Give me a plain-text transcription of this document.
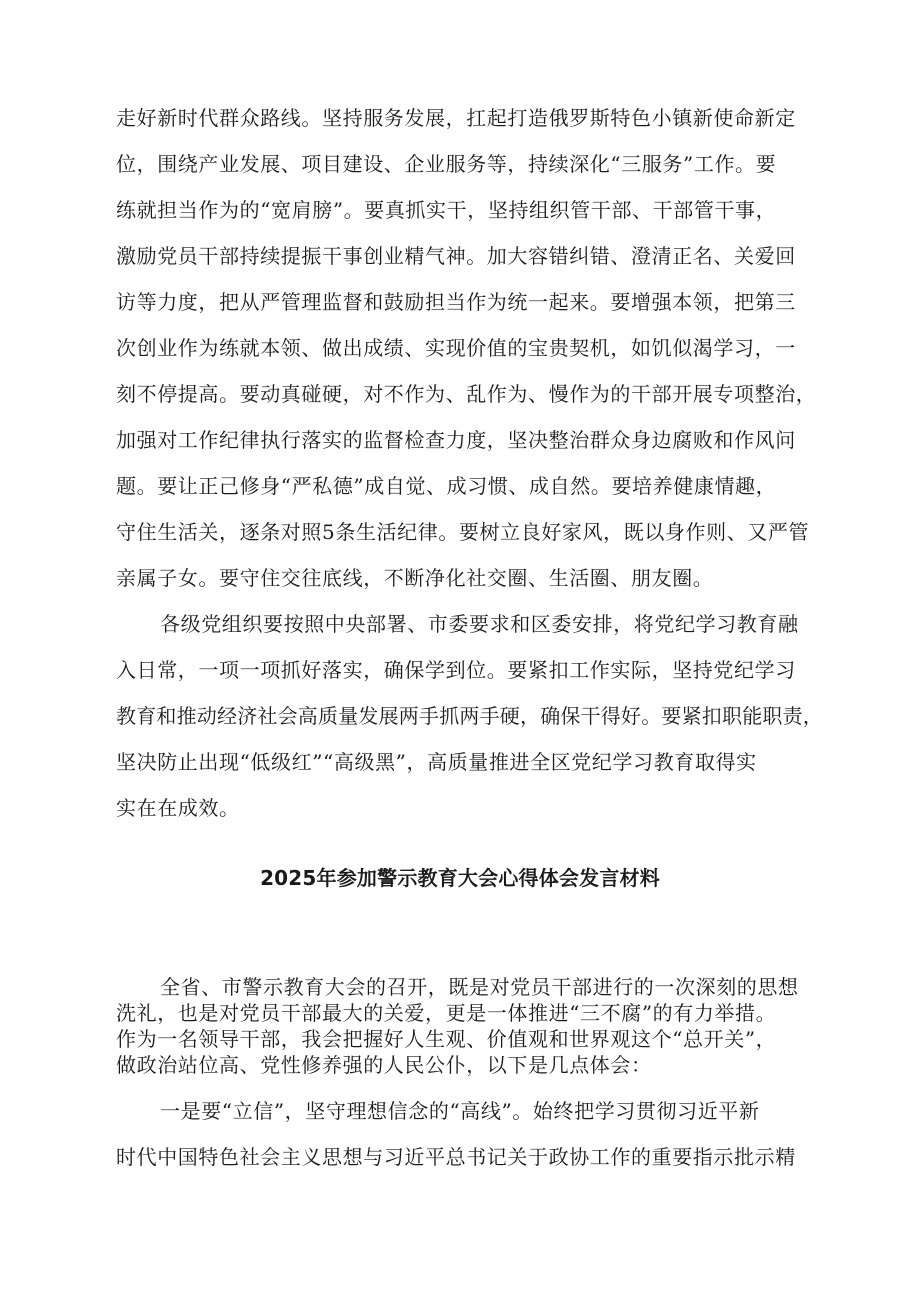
走好新时代群众路线。坚持服务发展，扛起打造俄罗斯特色小镇新使命新定
位，围绕产业发展、项目建设、企业服务等，持续深化“三服务”工作。要
练就担当作为的“宽肩膀”。要真抓实干，坚持组织管干部、干部管干事，
激励党员干部持续提振干事创业精气神。加大容错纠错、澄清正名、关爱回
访等力度，把从严管理监督和鼓励担当作为统一起来。要增强本领，把第三
次创业作为练就本领、做出成绩、实现价值的宝贵契机，如饥似渴学习，一
刻不停提高。要动真碰硬，对不作为、乱作为、慢作为的干部开展专项整治，
加强对工作纪律执行落实的监督检查力度，坚决整治群众身边腐败和作风问
题。要让正己修身“严私德”成自觉、成习惯、成自然。要培养健康情趣，
守住生活关，逐条对照5条生活纪律。要树立良好家风，既以身作则、又严管
亲属子女。要守住交往底线，不断净化社交圈、生活圈、朋友圈。
各级党组织要按照中央部署、市委要求和区委安排，将党纪学习教育融
入日常，一项一项抓好落实，确保学到位。要紧扣工作实际，坚持党纪学习
教育和推动经济社会高质量发展两手抓两手硬，确保干得好。要紧扣职能职责，
坚决防止出现“低级红”“高级黑”，高质量推进全区党纪学习教育取得实
实在在成效。
2025年参加警示教育大会心得体会发言材料
全省、市警示教育大会的召开，既是对党员干部进行的一次深刻的思想
洗礼，也是对党员干部最大的关爱，更是一体推进“三不腐”的有力举措。
作为一名领导干部，我会把握好人生观、价值观和世界观这个“总开关”，
做政治站位高、党性修养强的人民公仆，以下是几点体会：
一是要“立信”，坚守理想信念的“高线”。始终把学习贯彻习近平新
时代中国特色社会主义思想与习近平总书记关于政协工作的重要指示批示精
